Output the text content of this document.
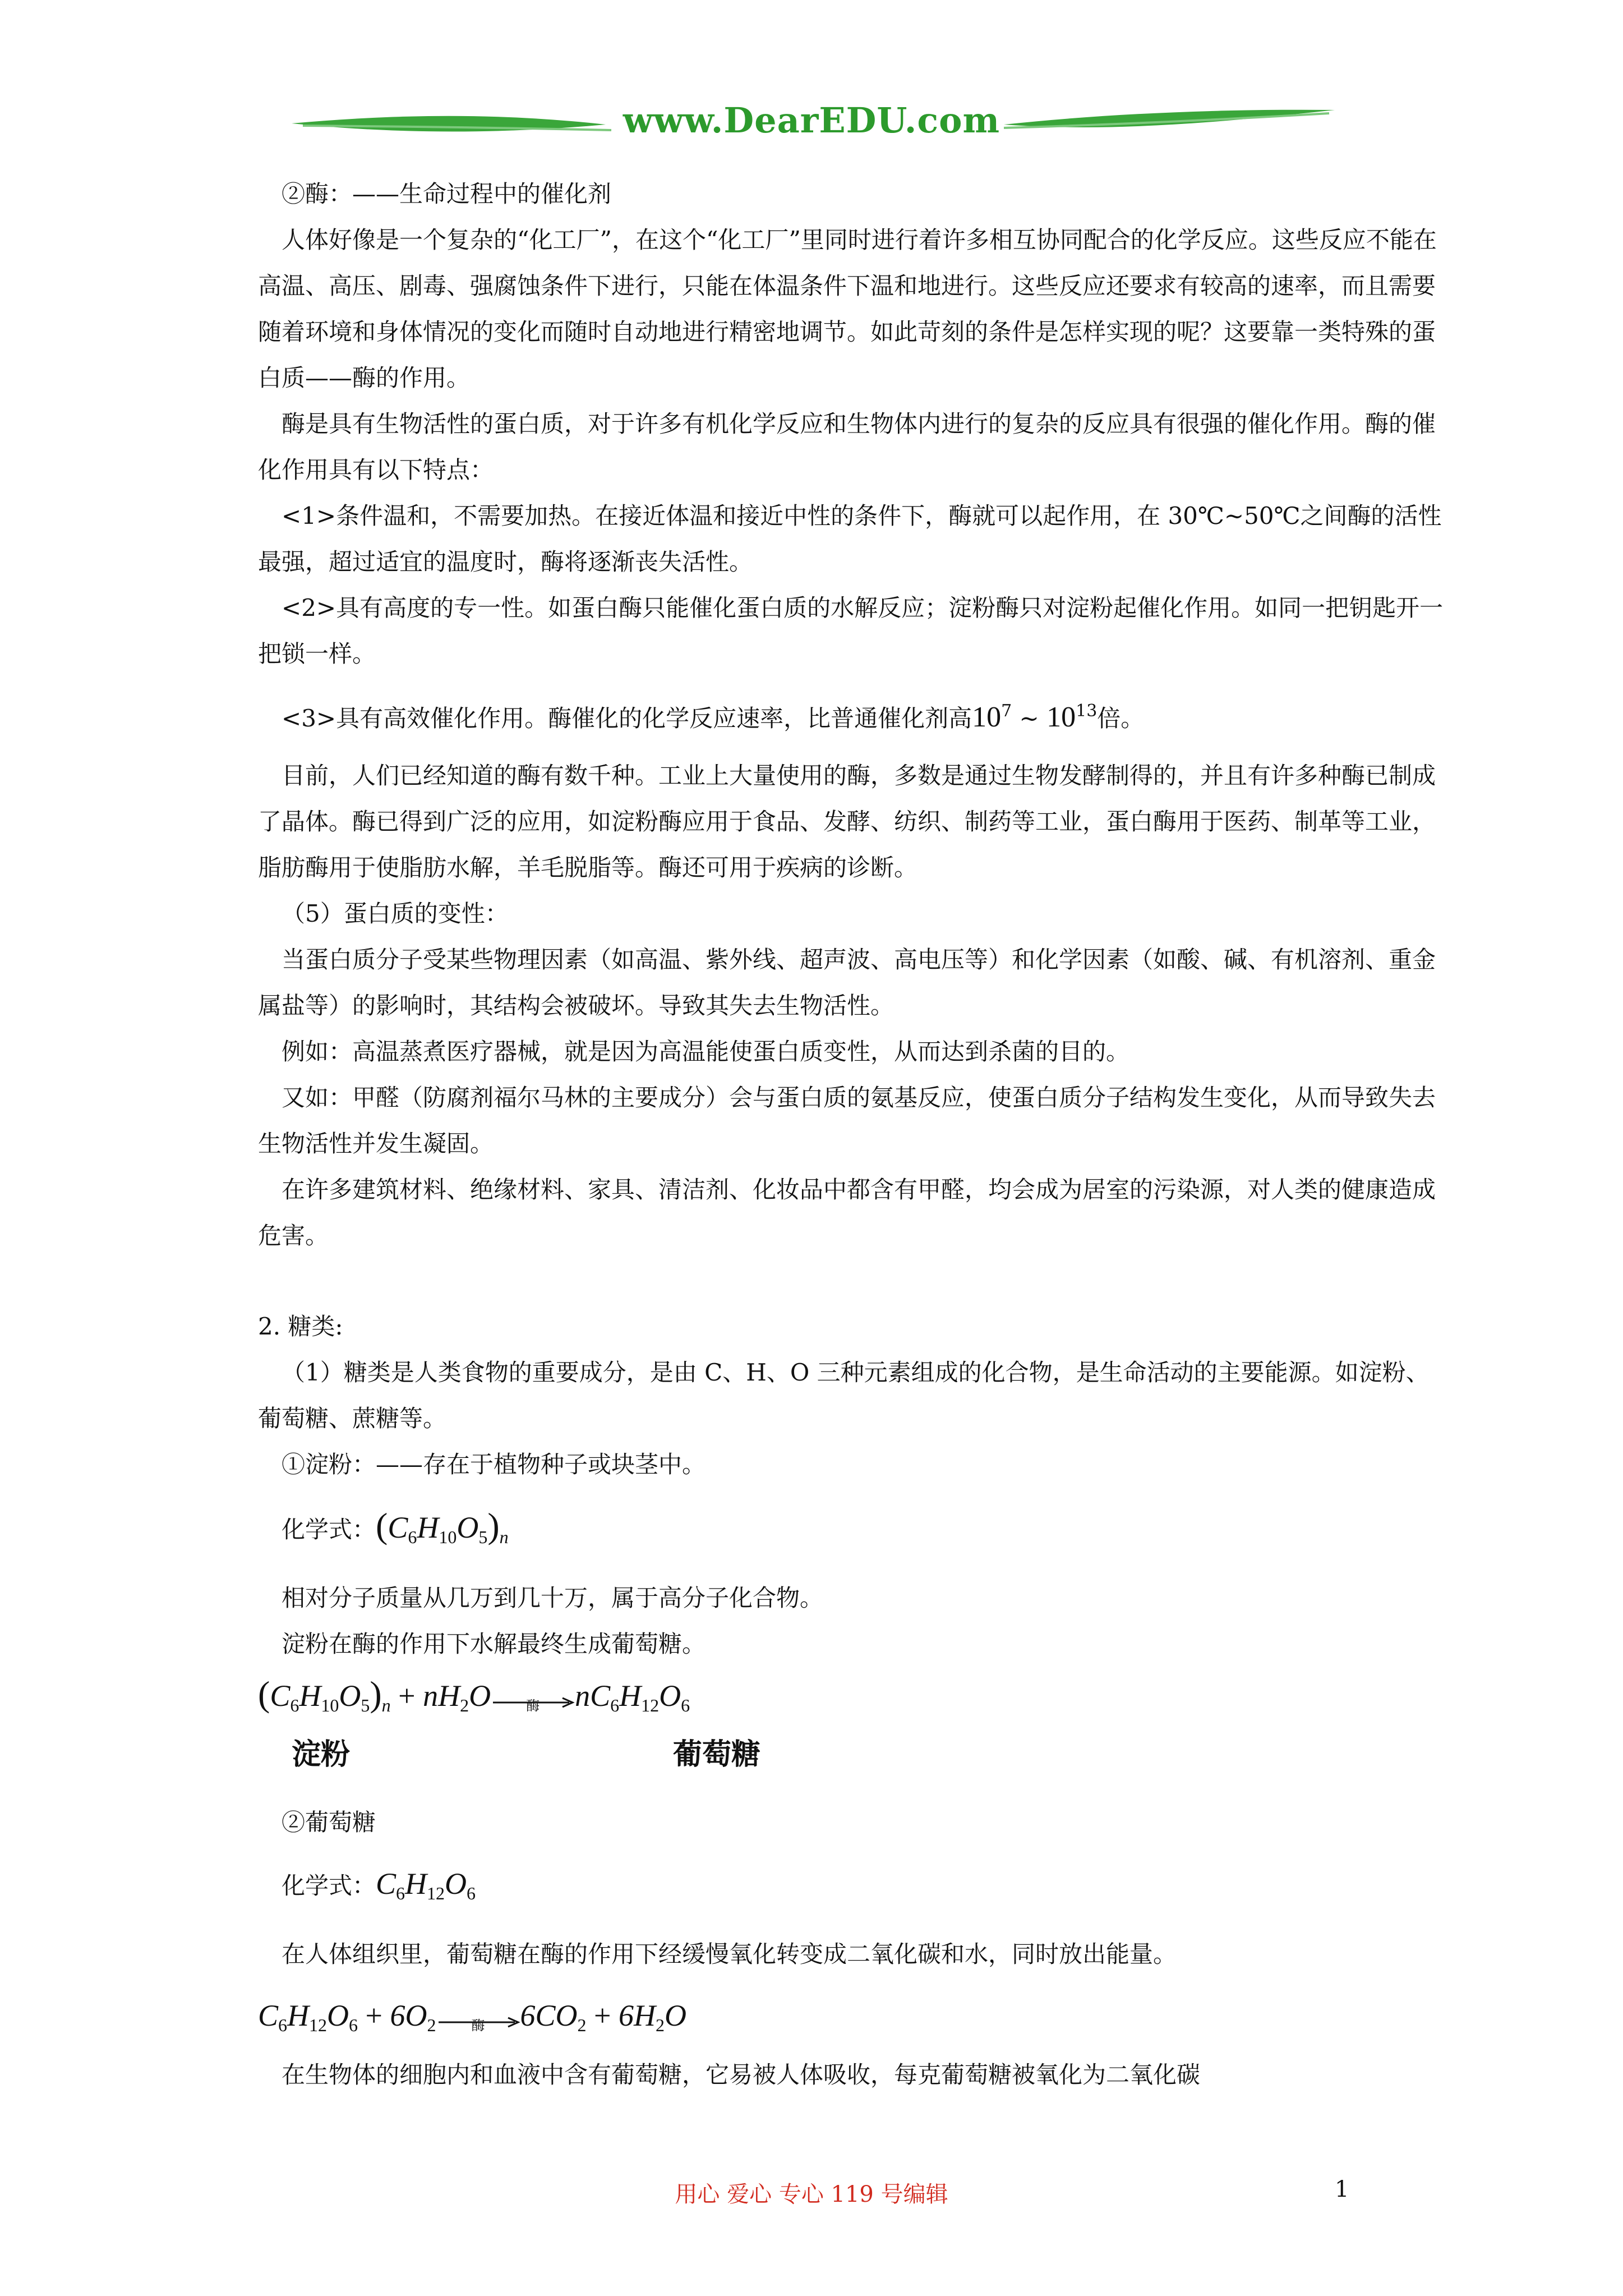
www.DearEDU.com

②酶：——生命过程中的催化剂

人体好像是一个复杂的“化工厂”，在这个“化工厂”里同时进行着许多相互协同配合的化学反应。这些反应不能在高温、高压、剧毒、强腐蚀条件下进行，只能在体温条件下温和地进行。这些反应还要求有较高的速率，而且需要随着环境和身体情况的变化而随时自动地进行精密地调节。如此苛刻的条件是怎样实现的呢？这要靠一类特殊的蛋白质——酶的作用。

酶是具有生物活性的蛋白质，对于许多有机化学反应和生物体内进行的复杂的反应具有很强的催化作用。酶的催化作用具有以下特点：

<1>条件温和，不需要加热。在接近体温和接近中性的条件下，酶就可以起作用，在 30℃~50℃之间酶的活性最强，超过适宜的温度时，酶将逐渐丧失活性。

<2>具有高度的专一性。如蛋白酶只能催化蛋白质的水解反应；淀粉酶只对淀粉起催化作用。如同一把钥匙开一把锁一样。

<3>具有高效催化作用。酶催化的化学反应速率，比普通催化剂高$10^7$ ~ $10^{13}$倍。

目前，人们已经知道的酶有数千种。工业上大量使用的酶，多数是通过生物发酵制得的，并且有许多种酶已制成了晶体。酶已得到广泛的应用，如淀粉酶应用于食品、发酵、纺织、制药等工业，蛋白酶用于医药、制革等工业，脂肪酶用于使脂肪水解，羊毛脱脂等。酶还可用于疾病的诊断。

（5）蛋白质的变性：

当蛋白质分子受某些物理因素（如高温、紫外线、超声波、高电压等）和化学因素（如酸、碱、有机溶剂、重金属盐等）的影响时，其结构会被破坏。导致其失去生物活性。

例如：高温蒸煮医疗器械，就是因为高温能使蛋白质变性，从而达到杀菌的目的。

又如：甲醛（防腐剂福尔马林的主要成分）会与蛋白质的氨基反应，使蛋白质分子结构发生变化，从而导致失去生物活性并发生凝固。

在许多建筑材料、绝缘材料、家具、清洁剂、化妆品中都含有甲醛，均会成为居室的污染源，对人类的健康造成危害。

2. 糖类:

（1）糖类是人类食物的重要成分，是由 C、H、O 三种元素组成的化合物，是生命活动的主要能源。如淀粉、葡萄糖、蔗糖等。

①淀粉：——存在于植物种子或块茎中。

化学式：$(C_6H_{10}O_5)_n$

相对分子质量从几万到几十万，属于高分子化合物。

淀粉在酶的作用下水解最终生成葡萄糖。

$(C_6H_{10}O_5)_n + nH_2O$	酶	$nC_6H_{12}O_6$
淀粉	葡萄糖

②葡萄糖

化学式：$C_6H_{12}O_6$

在人体组织里，葡萄糖在酶的作用下经缓慢氧化转变成二氧化碳和水，同时放出能量。

$C_6H_{12}O_6 + 6O_2$	酶	$6CO_2 + 6H_2O$

在生物体的细胞内和血液中含有葡萄糖，它易被人体吸收，每克葡萄糖被氧化为二氧化碳

用心 爱心 专心 119 号编辑	1
